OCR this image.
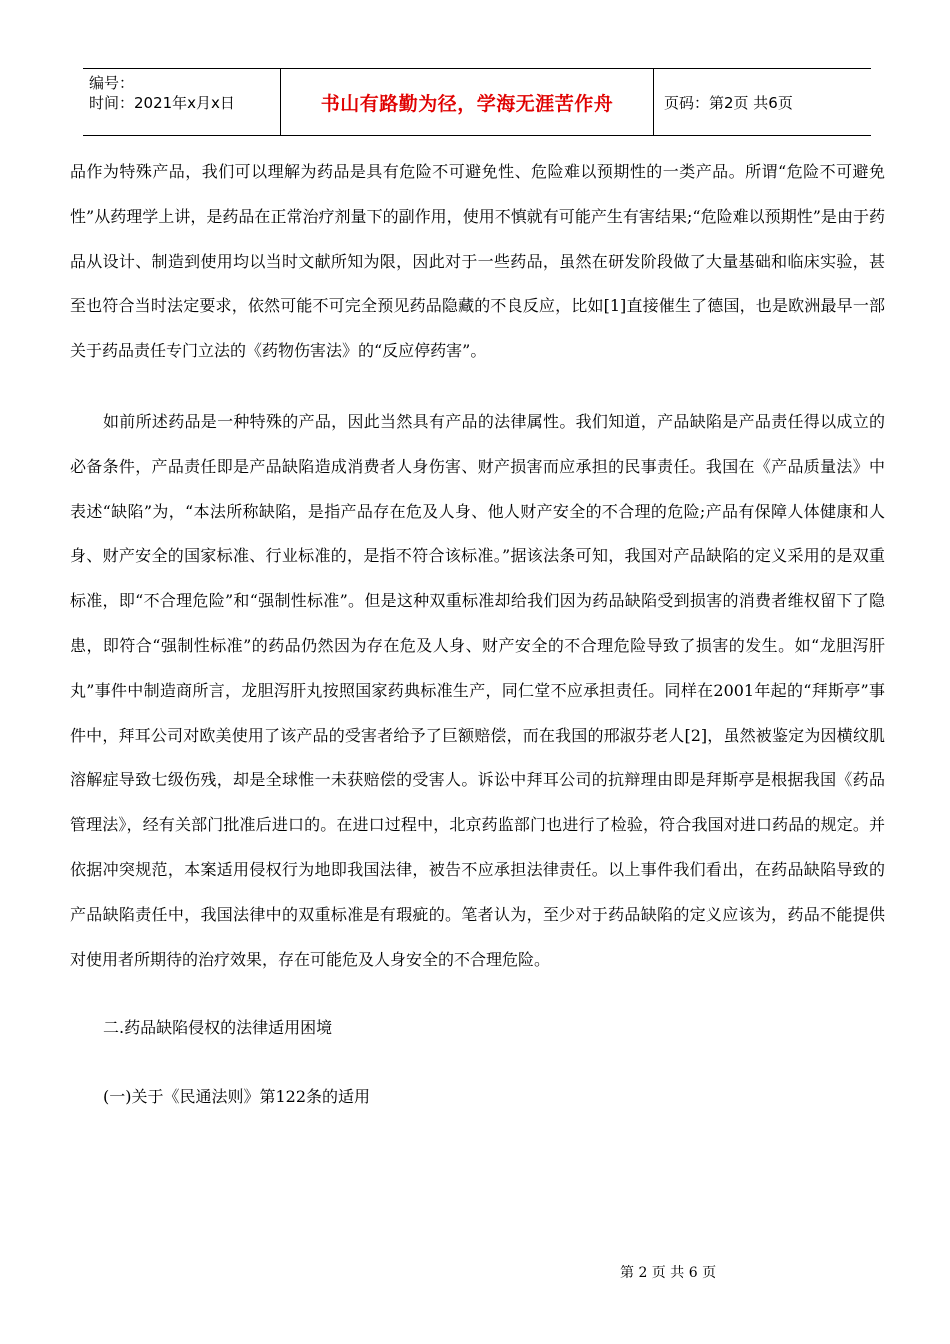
编号：
时间：2021年x月x日	书山有路勤为径，学海无涯苦作舟	页码：第2页 共6页

品作为特殊产品，我们可以理解为药品是具有危险不可避免性、危险难以预期性的一类产品。所谓“危险不可避免性”从药理学上讲，是药品在正常治疗剂量下的副作用，使用不慎就有可能产生有害结果;“危险难以预期性”是由于药品从设计、制造到使用均以当时文献所知为限，因此对于一些药品，虽然在研发阶段做了大量基础和临床实验，甚至也符合当时法定要求，依然可能不可完全预见药品隐藏的不良反应，比如[1]直接催生了德国，也是欧洲最早一部关于药品责任专门立法的《药物伤害法》的“反应停药害”。

如前所述药品是一种特殊的产品，因此当然具有产品的法律属性。我们知道，产品缺陷是产品责任得以成立的必备条件，产品责任即是产品缺陷造成消费者人身伤害、财产损害而应承担的民事责任。我国在《产品质量法》中表述“缺陷”为，“本法所称缺陷，是指产品存在危及人身、他人财产安全的不合理的危险;产品有保障人体健康和人身、财产安全的国家标准、行业标准的，是指不符合该标准。”据该法条可知，我国对产品缺陷的定义采用的是双重标准，即“不合理危险”和“强制性标准”。但是这种双重标准却给我们因为药品缺陷受到损害的消费者维权留下了隐患，即符合“强制性标准”的药品仍然因为存在危及人身、财产安全的不合理危险导致了损害的发生。如“龙胆泻肝丸”事件中制造商所言，龙胆泻肝丸按照国家药典标准生产，同仁堂不应承担责任。同样在2001年起的“拜斯亭”事件中，拜耳公司对欧美使用了该产品的受害者给予了巨额赔偿，而在我国的邢淑芬老人[2]，虽然被鉴定为因横纹肌溶解症导致七级伤残，却是全球惟一未获赔偿的受害人。诉讼中拜耳公司的抗辩理由即是拜斯亭是根据我国《药品管理法》，经有关部门批准后进口的。在进口过程中，北京药监部门也进行了检验，符合我国对进口药品的规定。并依据冲突规范，本案适用侵权行为地即我国法律，被告不应承担法律责任。以上事件我们看出，在药品缺陷导致的产品缺陷责任中，我国法律中的双重标准是有瑕疵的。笔者认为，至少对于药品缺陷的定义应该为，药品不能提供对使用者所期待的治疗效果，存在可能危及人身安全的不合理危险。

二.药品缺陷侵权的法律适用困境

(一)关于《民通法则》第122条的适用

第 2 页 共 6 页
